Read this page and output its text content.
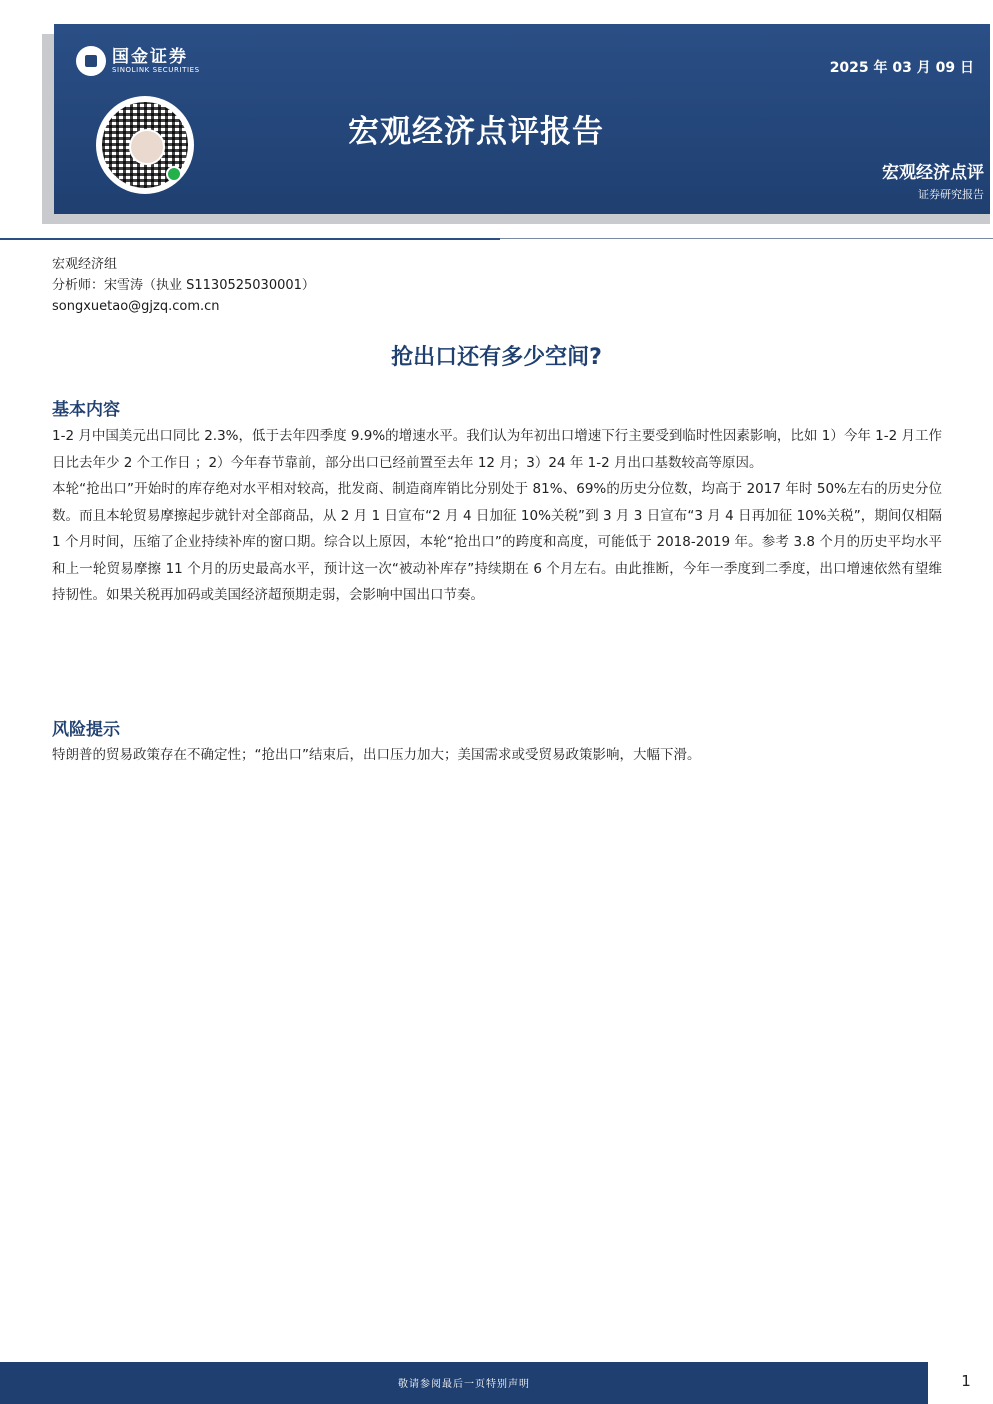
国金证券
SINOLINK SECURITIES	2025 年 03 月 09 日
宏观经济点评报告
宏观经济点评
证券研究报告
宏观经济组
分析师：宋雪涛（执业 S1130525030001）
songxuetao@gjzq.com.cn
抢出口还有多少空间?
基本内容

1-2 月中国美元出口同比 2.3%，低于去年四季度 9.9%的增速水平。我们认为年初出口增速下行主要受到临时性因素影响，比如 1）今年 1-2 月工作日比去年少 2 个工作日 ；2）今年春节靠前，部分出口已经前置至去年 12 月；3）24 年 1-2 月出口基数较高等原因。

本轮“抢出口”开始时的库存绝对水平相对较高，批发商、制造商库销比分别处于 81%、69%的历史分位数，均高于 2017 年时 50%左右的历史分位数。而且本轮贸易摩擦起步就针对全部商品，从 2 月 1 日宣布“2 月 4 日加征 10%关税”到 3 月 3 日宣布“3 月 4 日再加征 10%关税”，期间仅相隔 1 个月时间，压缩了企业持续补库的窗口期。综合以上原因，本轮“抢出口”的跨度和高度，可能低于 2018-2019 年。参考 3.8 个月的历史平均水平和上一轮贸易摩擦 11 个月的历史最高水平，预计这一次“被动补库存”持续期在 6 个月左右。由此推断，今年一季度到二季度，出口增速依然有望维持韧性。如果关税再加码或美国经济超预期走弱，会影响中国出口节奏。

风险提示

特朗普的贸易政策存在不确定性；“抢出口”结束后，出口压力加大；美国需求或受贸易政策影响，大幅下滑。

敬请参阅最后一页特别声明	1
